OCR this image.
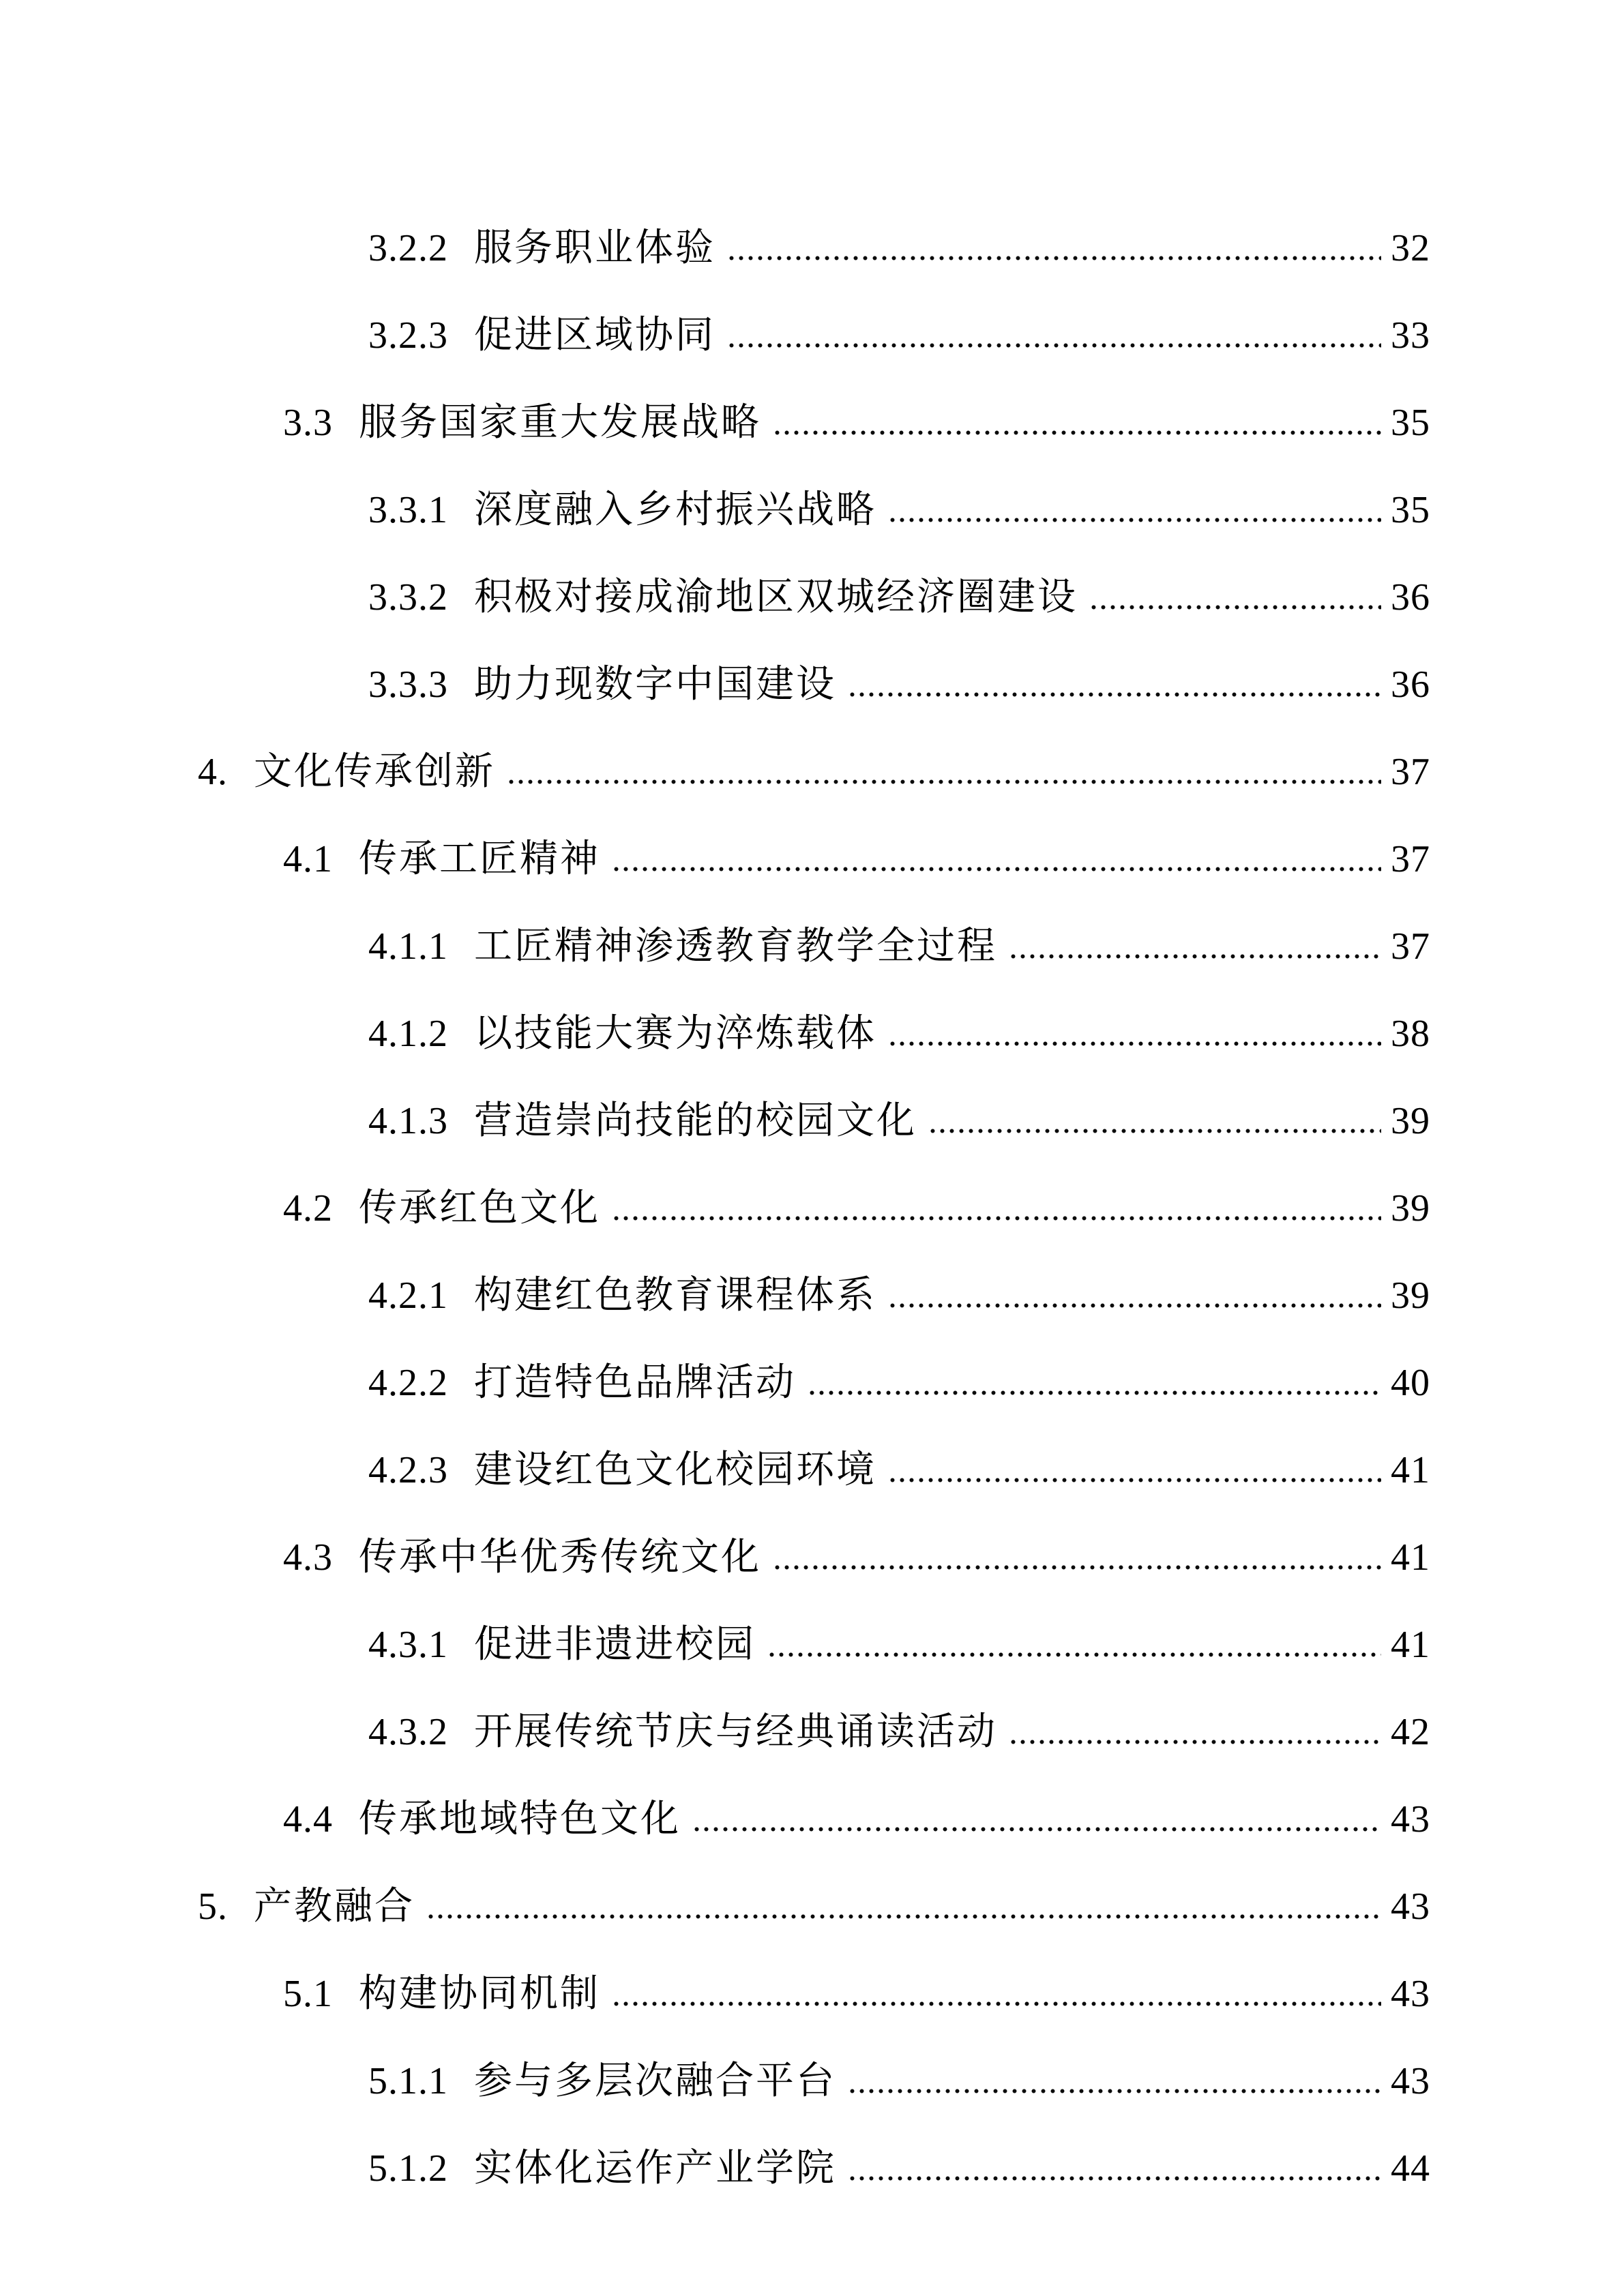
3.2.2 服务职业体验	32
3.2.3 促进区域协同	33
3.3 服务国家重大发展战略	35
3.3.1 深度融入乡村振兴战略	35
3.3.2 积极对接成渝地区双城经济圈建设	36
3.3.3 助力现数字中国建设	36
4. 文化传承创新	37
4.1 传承工匠精神	37
4.1.1 工匠精神渗透教育教学全过程	37
4.1.2 以技能大赛为淬炼载体	38
4.1.3 营造崇尚技能的校园文化	39
4.2 传承红色文化	39
4.2.1 构建红色教育课程体系	39
4.2.2 打造特色品牌活动	40
4.2.3 建设红色文化校园环境	41
4.3 传承中华优秀传统文化	41
4.3.1 促进非遗进校园	41
4.3.2 开展传统节庆与经典诵读活动	42
4.4 传承地域特色文化	43
5. 产教融合	43
5.1 构建协同机制	43
5.1.1 参与多层次融合平台	43
5.1.2 实体化运作产业学院	44
